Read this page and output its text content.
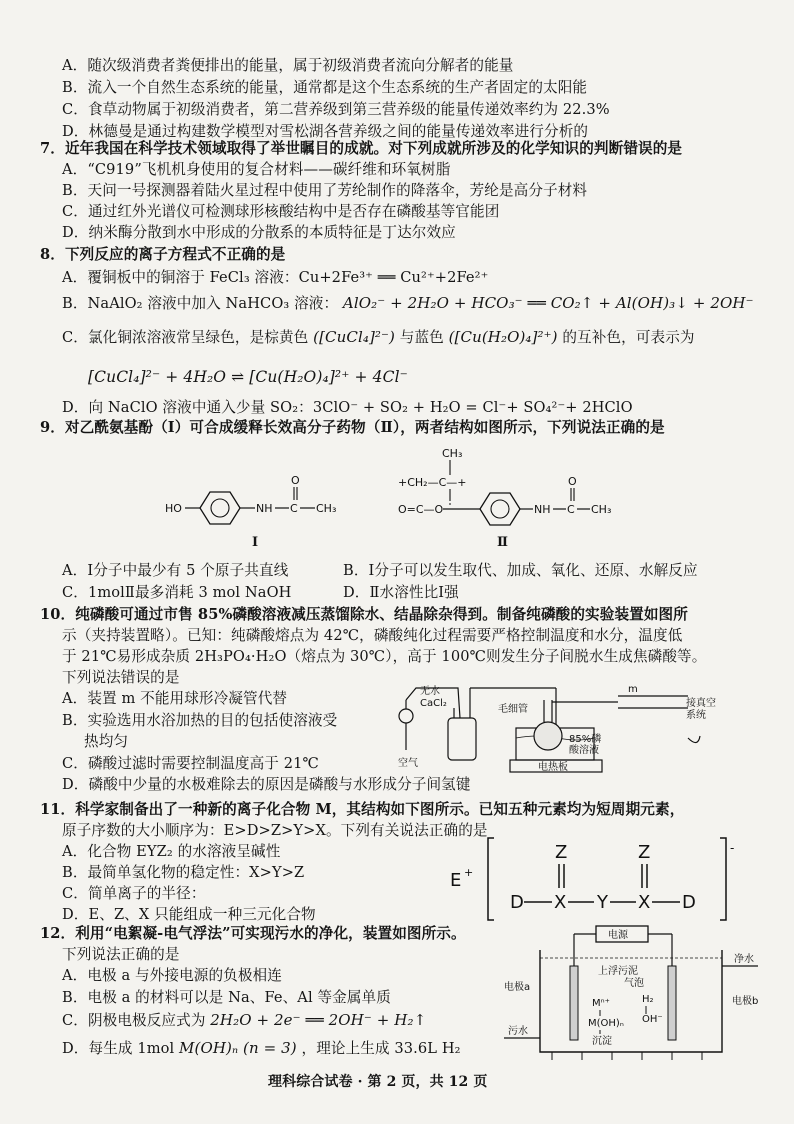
A．随次级消费者粪便排出的能量，属于初级消费者流向分解者的能量
B．流入一个自然生态系统的能量，通常都是这个生态系统的生产者固定的太阳能
C．食草动物属于初级消费者，第二营养级到第三营养级的能量传递效率约为 22.3%
D．林德曼是通过构建数学模型对雪松湖各营养级之间的能量传递效率进行分析的
7．近年我国在科学技术领域取得了举世瞩目的成就。对下列成就所涉及的化学知识的判断错误的是
A．“C919”飞机机身使用的复合材料——碳纤维和环氧树脂
B．天问一号探测器着陆火星过程中使用了芳纶制作的降落伞，芳纶是高分子材料
C．通过红外光谱仪可检测球形核酸结构中是否存在磷酸基等官能团
D．纳米酶分散到水中形成的分散系的本质特征是丁达尔效应
8．下列反应的离子方程式不正确的是
A．覆铜板中的铜溶于 FeCl₃ 溶液：Cu+2Fe³⁺ ══ Cu²⁺+2Fe²⁺
B．NaAlO₂ 溶液中加入 NaHCO₃ 溶液： AlO₂⁻ + 2H₂O + HCO₃⁻ ══ CO₂↑ + Al(OH)₃↓ + 2OH⁻
C．氯化铜浓溶液常呈绿色，是棕黄色 ([CuCl₄]²⁻) 与蓝色 ([Cu(H₂O)₄]²⁺) 的互补色，可表示为
[CuCl₄]²⁻ + 4H₂O ⇌ [Cu(H₂O)₄]²⁺ + 4Cl⁻
D．向 NaClO 溶液中通入少量 SO₂：3ClO⁻ + SO₂ + H₂O = Cl⁻+ SO₄²⁻+ 2HClO
9．对乙酰氨基酚（Ⅰ）可合成缓释长效高分子药物（Ⅱ），两者结构如图所示，下列说法正确的是
HO	NH C
O
CH₃
Ⅰ
+CH₂—C—+
CH₃
O=C—O	NH C
O
CH₃
Ⅱ
A．Ⅰ分子中最少有 5 个原子共直线	B．Ⅰ分子可以发生取代、加成、氧化、还原、水解反应
C．1molⅡ最多消耗 3 mol NaOH	D．Ⅱ水溶性比Ⅰ强
10．纯磷酸可通过市售 85%磷酸溶液减压蒸馏除水、结晶除杂得到。制备纯磷酸的实验装置如图所
示（夹持装置略）。已知：纯磷酸熔点为 42℃，磷酸纯化过程需要严格控制温度和水分，温度低
于 21℃易形成杂质 2H₃PO₄·H₂O（熔点为 30℃），高于 100℃则发生分子间脱水生成焦磷酸等。
下列说法错误的是
A．装置 m 不能用球形冷凝管代替
B．实验选用水浴加热的目的包括使溶液受
热均匀
C．磷酸过滤时需要控制温度高于 21℃
D．磷酸中少量的水极难除去的原因是磷酸与水形成分子间氢键
空气
无水
CaCl₂
毛细管
85%磷
酸溶液
电热板
m
接真空
系统
11．科学家制备出了一种新的离子化合物 M，其结构如下图所示。已知五种元素均为短周期元素，
原子序数的大小顺序为：E>D>Z>Y>X。下列有关说法正确的是
A．化合物 EYZ₂ 的水溶液呈碱性
B．最简单氢化物的稳定性：X>Y>Z
C．简单离子的半径：
D．E、Z、X 只能组成一种三元化合物
E +
-
Z	Z
D X Y X D
12．利用“电絮凝-电气浮法”可实现污水的净化，装置如图所示。
下列说法正确的是
A．电极 a 与外接电源的负极相连
B．电极 a 的材料可以是 Na、Fe、Al 等金属单质
C．阴极电极反应式为 2H₂O + 2e⁻ ══ 2OH⁻ + H₂↑
D．每生成 1mol M(OH)ₙ (n = 3) ，理论上生成 33.6L H₂
电源
电极a
电极b
上浮污泥
气泡
H₂
OH⁻
Mⁿ⁺
M(OH)ₙ
沉淀
净水
污水
理科综合试卷 · 第 2 页，共 12 页
